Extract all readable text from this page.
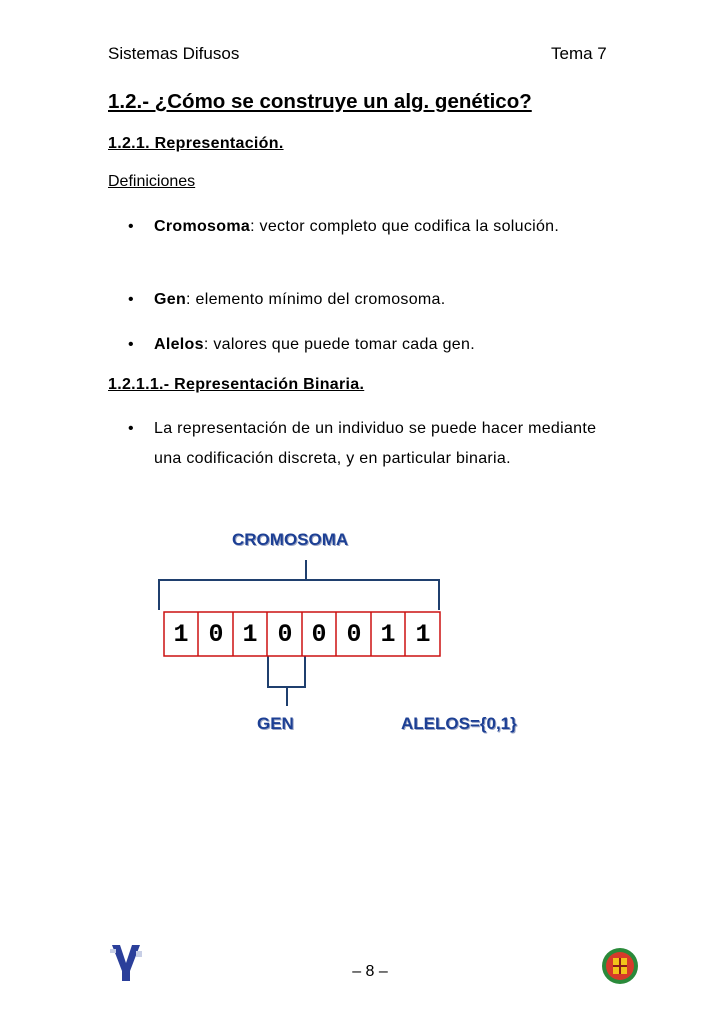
Sistemas Difusos	Tema 7
1.2.- ¿Cómo se construye un alg. genético?
1.2.1. Representación.
Definiciones
• Cromosoma: vector completo que codifica la solución.
• Gen: elemento mínimo del cromosoma.
• Alelos: valores que puede tomar cada gen.
1.2.1.1.- Representación Binaria.
• La representación de un individuo se puede hacer mediante una codificación discreta, y en particular binaria.
CROMOSOMA
GEN	ALELOS={0,1}
1 0 1 0 0 0 1 1
– 8 –
